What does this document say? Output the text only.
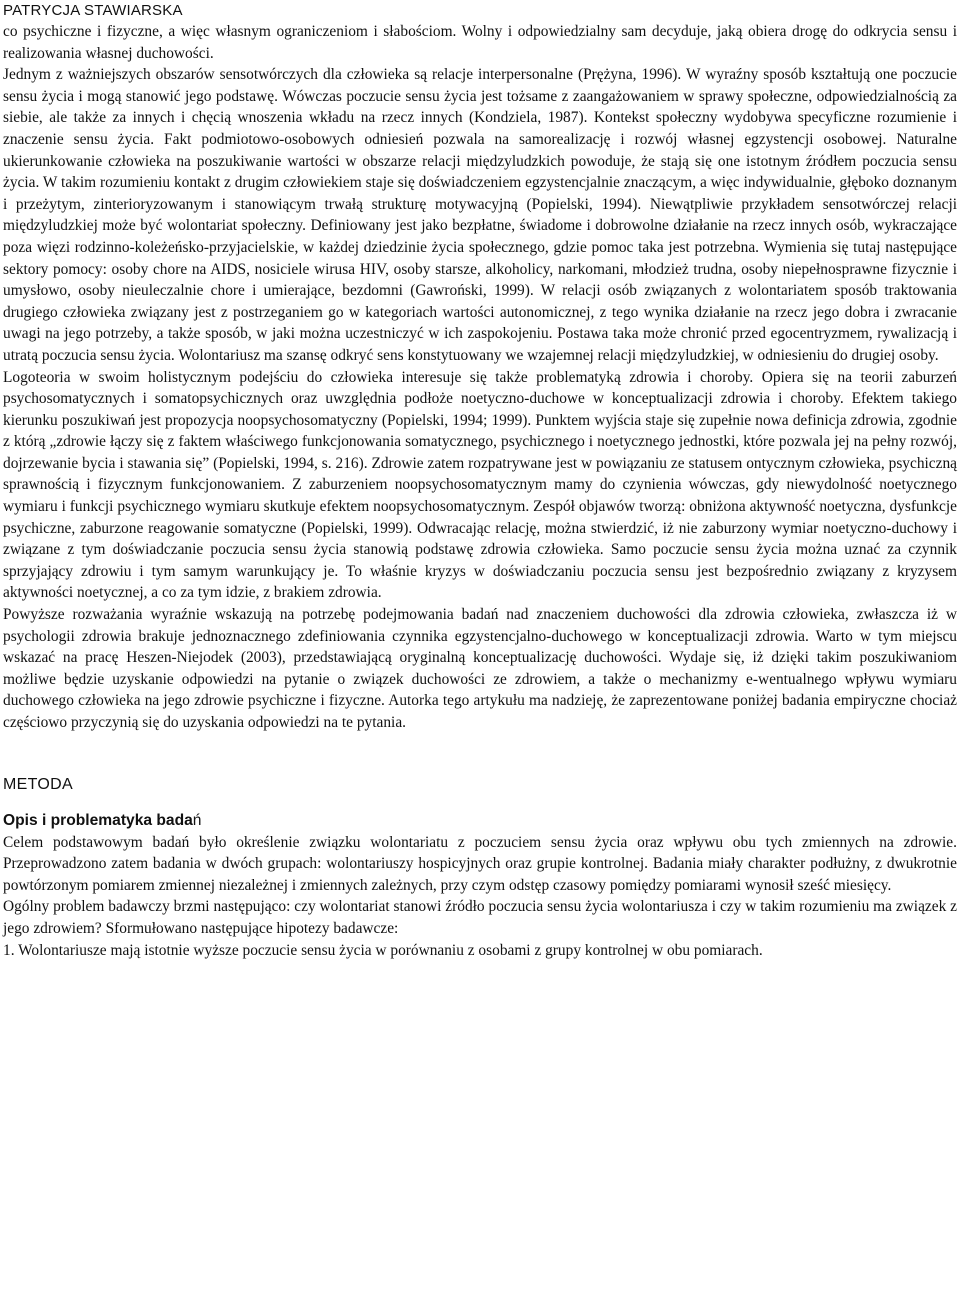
PATRYCJA STAWIARSKA

co psychiczne i fizyczne, a więc własnym ograniczeniom i słabościom. Wolny i odpowiedzialny sam decyduje, jaką obiera drogę do odkrycia sensu i realizowania własnej duchowości.

Jednym z ważniejszych obszarów sensotwórczych dla człowieka są relacje interpersonalne (Prężyna, 1996). W wyraźny sposób kształtują one poczucie sensu życia i mogą stanowić jego podstawę. Wówczas poczucie sensu życia jest tożsame z zaangażowaniem w sprawy społeczne, odpowiedzialnością za siebie, ale także za innych i chęcią wnoszenia wkładu na rzecz innych (Kondziela, 1987). Kontekst społeczny wydobywa specyficzne rozumienie i znaczenie sensu życia. Fakt podmiotowo-osobowych odniesień pozwala na samorealizację i rozwój własnej egzystencji osobowej. Naturalne ukierunkowanie człowieka na poszukiwanie wartości w obszarze relacji międzyludzkich powoduje, że stają się one istotnym źródłem poczucia sensu życia. W takim rozumieniu kontakt z drugim człowiekiem staje się doświadczeniem egzystencjalnie znaczącym, a więc indywidualnie, głęboko doznanym i przeżytym, zinterioryzowanym i stanowiącym trwałą strukturę motywacyjną (Popielski, 1994). Niewątpliwie przykładem sensotwórczej relacji międzyludzkiej może być wolontariat społeczny. Definiowany jest jako bezpłatne, świadome i dobrowolne działanie na rzecz innych osób, wykraczające poza więzi rodzinno-koleżeńsko-przyjacielskie, w każdej dziedzinie życia społecznego, gdzie pomoc taka jest potrzebna. Wymienia się tutaj następujące sektory pomocy: osoby chore na AIDS, nosiciele wirusa HIV, osoby starsze, alkoholicy, narkomani, młodzież trudna, osoby niepełnosprawne fizycznie i umysłowo, osoby nieuleczalnie chore i umierające, bezdomni (Gawroński, 1999). W relacji osób związanych z wolontariatem sposób traktowania drugiego człowieka związany jest z postrzeganiem go w kategoriach wartości autonomicznej, z tego wynika działanie na rzecz jego dobra i zwracanie uwagi na jego potrzeby, a także sposób, w jaki można uczestniczyć w ich zaspokojeniu. Postawa taka może chronić przed egocentryzmem, rywalizacją i utratą poczucia sensu życia. Wolontariusz ma szansę odkryć sens konstytuowany we wzajemnej relacji międzyludzkiej, w odniesieniu do drugiej osoby.

Logoteoria w swoim holistycznym podejściu do człowieka interesuje się także problematyką zdrowia i choroby. Opiera się na teorii zaburzeń psychosomatycznych i somatopsychicznych oraz uwzględnia podłoże noetyczno-duchowe w konceptualizacji zdrowia i choroby. Efektem takiego kierunku poszukiwań jest propozycja noopsychosomatyczny (Popielski, 1994; 1999). Punktem wyjścia staje się zupełnie nowa definicja zdrowia, zgodnie z którą „zdrowie łączy się z faktem właściwego funkcjonowania somatycznego, psychicznego i noetycznego jednostki, które pozwala jej na pełny rozwój, dojrzewanie bycia i stawania się” (Popielski, 1994, s. 216). Zdrowie zatem rozpatrywane jest w powiązaniu ze statusem ontycznym człowieka, psychiczną sprawnością i fizycznym funkcjonowaniem. Z zaburzeniem noopsychosomatycznym mamy do czynienia wówczas, gdy niewydolność noetycznego wymiaru i funkcji psychicznego wymiaru skutkuje efektem noopsychosomatycznym. Zespół objawów tworzą: obniżona aktywność noetyczna, dysfunkcje psychiczne, zaburzone reagowanie somatyczne (Popielski, 1999). Odwracając relację, można stwierdzić, iż nie zaburzony wymiar noetyczno-duchowy i związane z tym doświadczanie poczucia sensu życia stanowią podstawę zdrowia człowieka. Samo poczucie sensu życia można uznać za czynnik sprzyjający zdrowiu i tym samym warunkujący je. To właśnie kryzys w doświadczaniu poczucia sensu jest bezpośrednio związany z kryzysem aktywności noetycznej, a co za tym idzie, z brakiem zdrowia.

Powyższe rozważania wyraźnie wskazują na potrzebę podejmowania badań nad znaczeniem duchowości dla zdrowia człowieka, zwłaszcza iż w psychologii zdrowia brakuje jednoznacznego zdefiniowania czynnika egzystencjalno-duchowego w konceptualizacji zdrowia. Warto w tym miejscu wskazać na pracę Heszen-Niejodek (2003), przedstawiającą oryginalną konceptualizację duchowości. Wydaje się, iż dzięki takim poszukiwaniom możliwe będzie uzyskanie odpowiedzi na pytanie o związek duchowości ze zdrowiem, a także o mechanizmy e-wentualnego wpływu wymiaru duchowego człowieka na jego zdrowie psychiczne i fizyczne. Autorka tego artykułu ma nadzieję, że zaprezentowane poniżej badania empiryczne chociaż częściowo przyczynią się do uzyskania odpowiedzi na te pytania.

METODA
Opis i problematyka badań

Celem podstawowym badań było określenie związku wolontariatu z poczuciem sensu życia oraz wpływu obu tych zmiennych na zdrowie. Przeprowadzono zatem badania w dwóch grupach: wolontariuszy hospicyjnych oraz grupie kontrolnej. Badania miały charakter podłużny, z dwukrotnie powtórzonym pomiarem zmiennej niezależnej i zmiennych zależnych, przy czym odstęp czasowy pomiędzy pomiarami wynosił sześć miesięcy.

Ogólny problem badawczy brzmi następująco: czy wolontariat stanowi źródło poczucia sensu życia wolontariusza i czy w takim rozumieniu ma związek z jego zdrowiem? Sformułowano następujące hipotezy badawcze:

1. Wolontariusze mają istotnie wyższe poczucie sensu życia w porównaniu z osobami z grupy kontrolnej w obu pomiarach.
